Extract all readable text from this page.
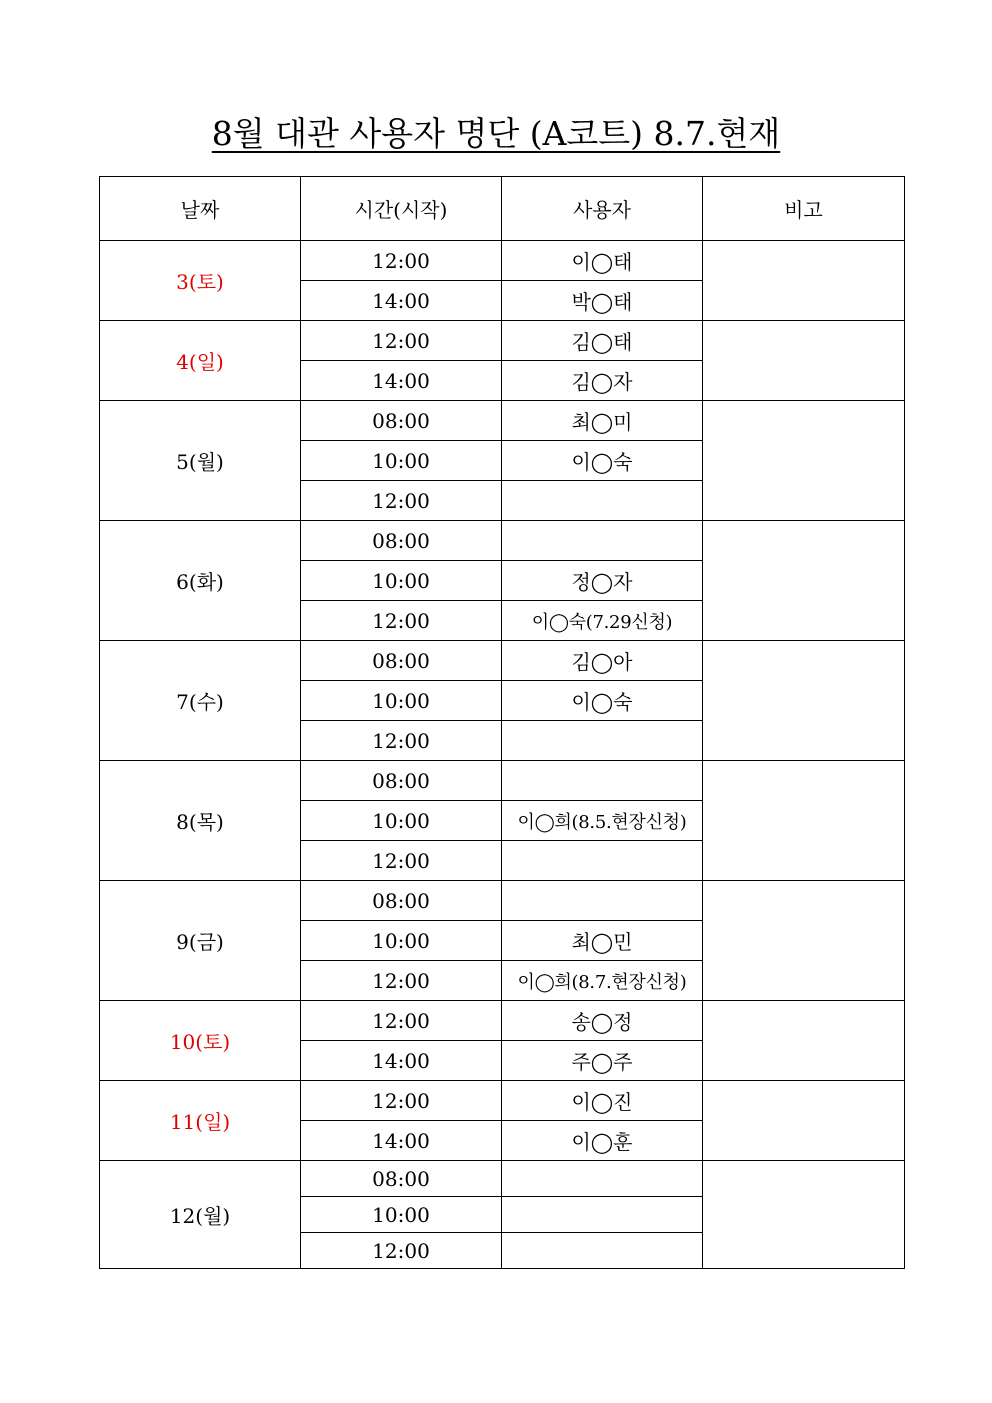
8월 대관 사용자 명단 (A코트) 8.7.현재
날짜	시간(시작)	사용자	비고
3(토)	12:00	이◯태	
	14:00	박◯태	
4(일)	12:00	김◯태	
	14:00	김◯자	
5(월)	08:00	최◯미	
	10:00	이◯숙	
	12:00		
6(화)	08:00		
	10:00	정◯자	
	12:00	이◯숙(7.29신청)	
7(수)	08:00	김◯아	
	10:00	이◯숙	
	12:00		
8(목)	08:00		
	10:00	이◯희(8.5.현장신청)	
	12:00		
9(금)	08:00		
	10:00	최◯민	
	12:00	이◯희(8.7.현장신청)	
10(토)	12:00	송◯정	
	14:00	주◯주	
11(일)	12:00	이◯진	
	14:00	이◯훈	
12(월)	08:00		
	10:00		
	12:00		
